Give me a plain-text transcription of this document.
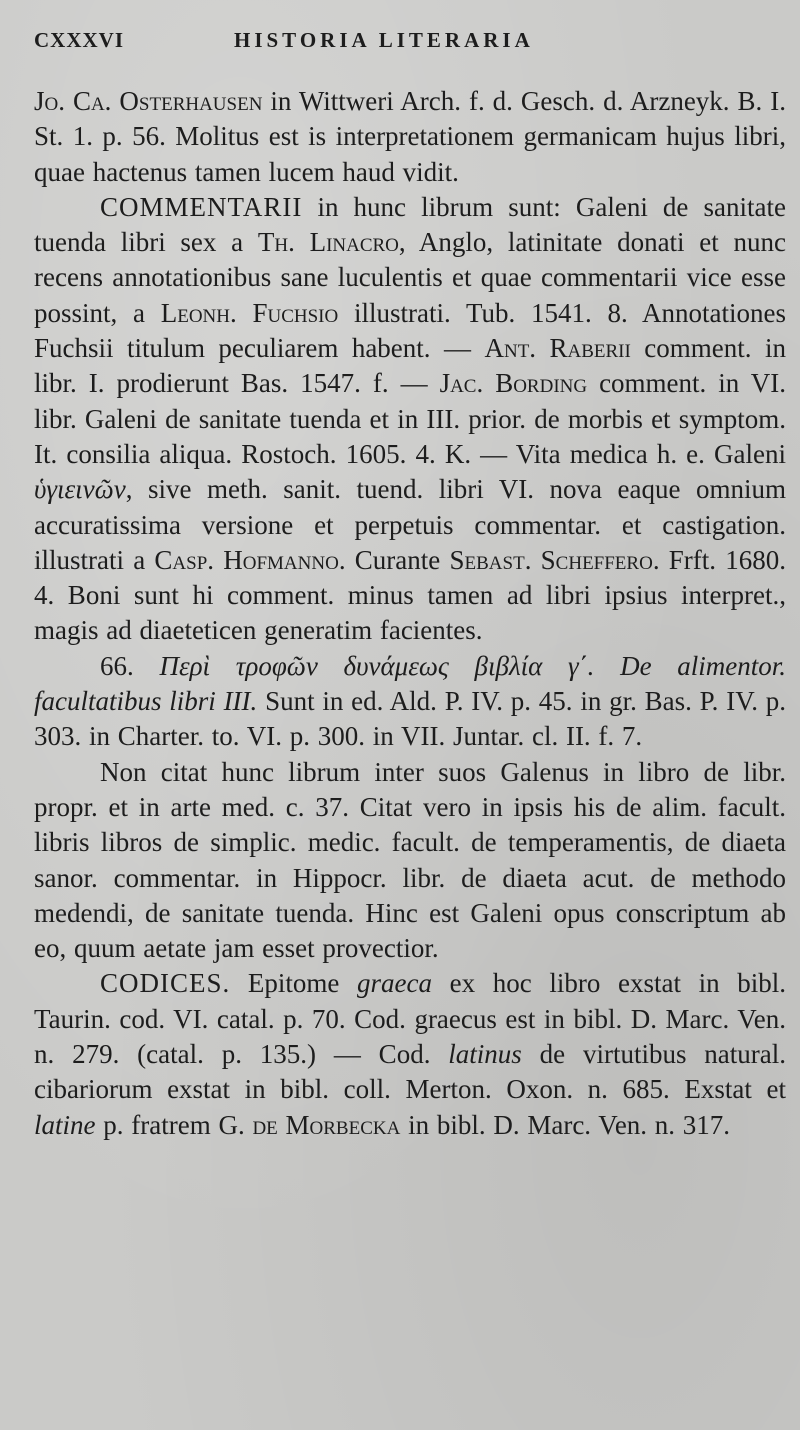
CXXXVI	HISTORIA LITERARIA

Jo. Ca. Osterhausen in Wittweri Arch. f. d. Gesch. d. Arzneyk. B. I. St. 1. p. 56. Molitus est is interpretationem germanicam hujus libri, quae hactenus tamen lucem haud vidit.

COMMENTARII in hunc librum sunt: Galeni de sanitate tuenda libri sex a Th. Linacro, Anglo, latinitate donati et nunc recens annotationibus sane luculentis et quae commentarii vice esse possint, a Leonh. Fuchsio illustrati. Tub. 1541. 8. Annotationes Fuchsii titulum peculiarem habent. — Ant. Raberii comment. in libr. I. prodierunt Bas. 1547. f. — Jac. Bording comment. in VI. libr. Galeni de sanitate tuenda et in III. prior. de morbis et symptom. It. consilia aliqua. Rostoch. 1605. 4. K. — Vita medica h. e. Galeni ὑγιεινῶν, sive meth. sanit. tuend. libri VI. nova eaque omnium accuratissima versione et perpetuis commentar. et castigation. illustrati a Casp. Hofmanno. Curante Sebast. Scheffero. Frft. 1680. 4. Boni sunt hi comment. minus tamen ad libri ipsius interpret., magis ad diaeteticen generatim facientes.

66. Περὶ τροφῶν δυνάμεως βιβλία γ΄. De alimentor. facultatibus libri III. Sunt in ed. Ald. P. IV. p. 45. in gr. Bas. P. IV. p. 303. in Charter. to. VI. p. 300. in VII. Juntar. cl. II. f. 7.

Non citat hunc librum inter suos Galenus in libro de libr. propr. et in arte med. c. 37. Citat vero in ipsis his de alim. facult. libris libros de simplic. medic. facult. de temperamentis, de diaeta sanor. commentar. in Hippocr. libr. de diaeta acut. de methodo medendi, de sanitate tuenda. Hinc est Galeni opus conscriptum ab eo, quum aetate jam esset provectior.

CODICES. Epitome graeca ex hoc libro exstat in bibl. Taurin. cod. VI. catal. p. 70. Cod. graecus est in bibl. D. Marc. Ven. n. 279. (catal. p. 135.) — Cod. latinus de virtutibus natural. cibariorum exstat in bibl. coll. Merton. Oxon. n. 685. Exstat et latine p. fratrem G. de Morbecka in bibl. D. Marc. Ven. n. 317.
